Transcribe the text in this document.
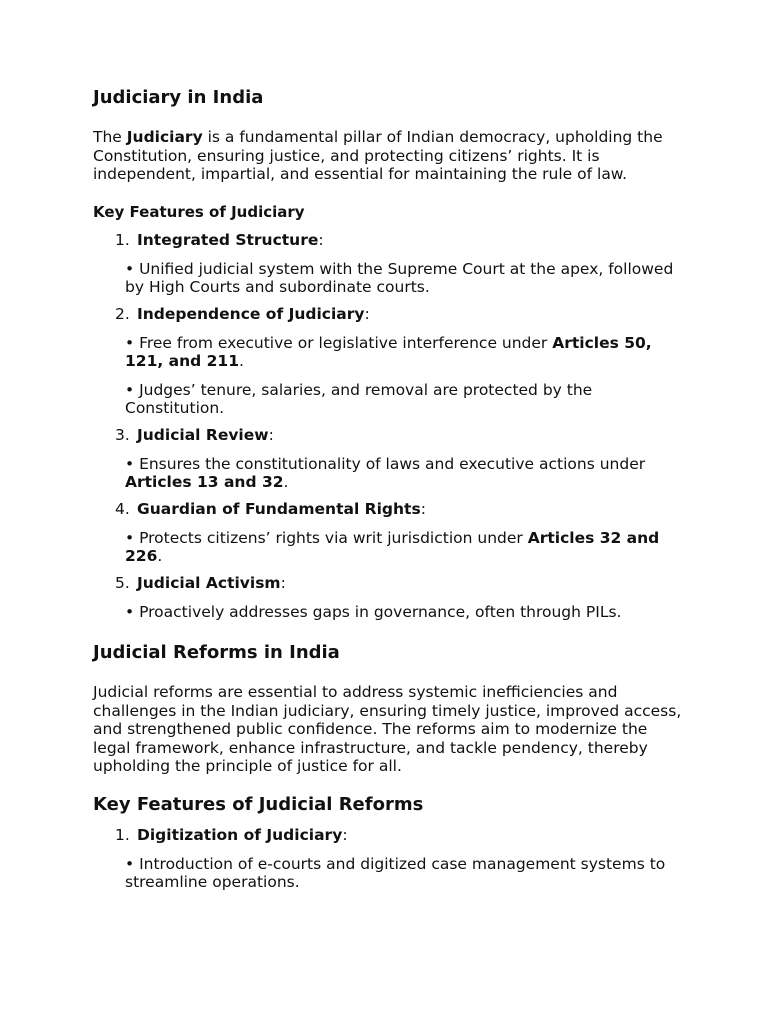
Judiciary in India

The Judiciary is a fundamental pillar of Indian democracy, upholding the Constitution, ensuring justice, and protecting citizens’ rights. It is independent, impartial, and essential for maintaining the rule of law.

Key Features of Judiciary
1. Integrated Structure:

• Unified judicial system with the Supreme Court at the apex, followed by High Courts and subordinate courts.

2. Independence of Judiciary:

• Free from executive or legislative interference under Articles 50, 121, and 211.

• Judges’ tenure, salaries, and removal are protected by the Constitution.

3. Judicial Review:

• Ensures the constitutionality of laws and executive actions under Articles 13 and 32.

4. Guardian of Fundamental Rights:

• Protects citizens’ rights via writ jurisdiction under Articles 32 and 226.

5. Judicial Activism:

• Proactively addresses gaps in governance, often through PILs.

Judicial Reforms in India

Judicial reforms are essential to address systemic inefficiencies and challenges in the Indian judiciary, ensuring timely justice, improved access, and strengthened public confidence. The reforms aim to modernize the legal framework, enhance infrastructure, and tackle pendency, thereby upholding the principle of justice for all.

Key Features of Judicial Reforms
1. Digitization of Judiciary:

• Introduction of e-courts and digitized case management systems to streamline operations.
